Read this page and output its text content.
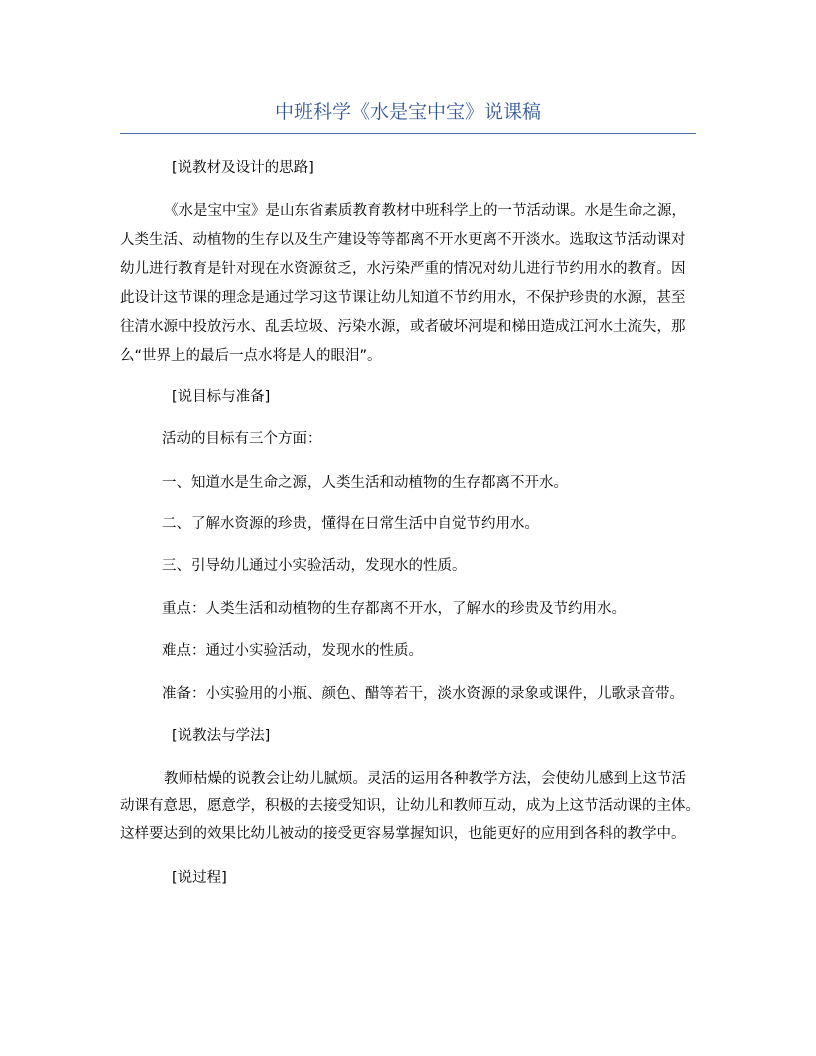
中班科学《水是宝中宝》说课稿
[说教材及设计的思路]
《水是宝中宝》是山东省素质教育教材中班科学上的一节活动课。水是生命之源，
人类生活、动植物的生存以及生产建设等等都离不开水更离不开淡水。选取这节活动课对
幼儿进行教育是针对现在水资源贫乏，水污染严重的情况对幼儿进行节约用水的教育。因
此设计这节课的理念是通过学习这节课让幼儿知道不节约用水，不保护珍贵的水源，甚至
往清水源中投放污水、乱丢垃圾、污染水源，或者破坏河堤和梯田造成江河水土流失，那
么“世界上的最后一点水将是人的眼泪”。
[说目标与准备]
活动的目标有三个方面：
一、知道水是生命之源，人类生活和动植物的生存都离不开水。
二、了解水资源的珍贵，懂得在日常生活中自觉节约用水。
三、引导幼儿通过小实验活动，发现水的性质。
重点：人类生活和动植物的生存都离不开水，了解水的珍贵及节约用水。
难点：通过小实验活动，发现水的性质。
准备：小实验用的小瓶、颜色、醋等若干，淡水资源的录象或课件，儿歌录音带。
[说教法与学法]
教师枯燥的说教会让幼儿腻烦。灵活的运用各种教学方法，会使幼儿感到上这节活
动课有意思，愿意学，积极的去接受知识，让幼儿和教师互动，成为上这节活动课的主体。
这样要达到的效果比幼儿被动的接受更容易掌握知识，也能更好的应用到各科的教学中。
[说过程]
